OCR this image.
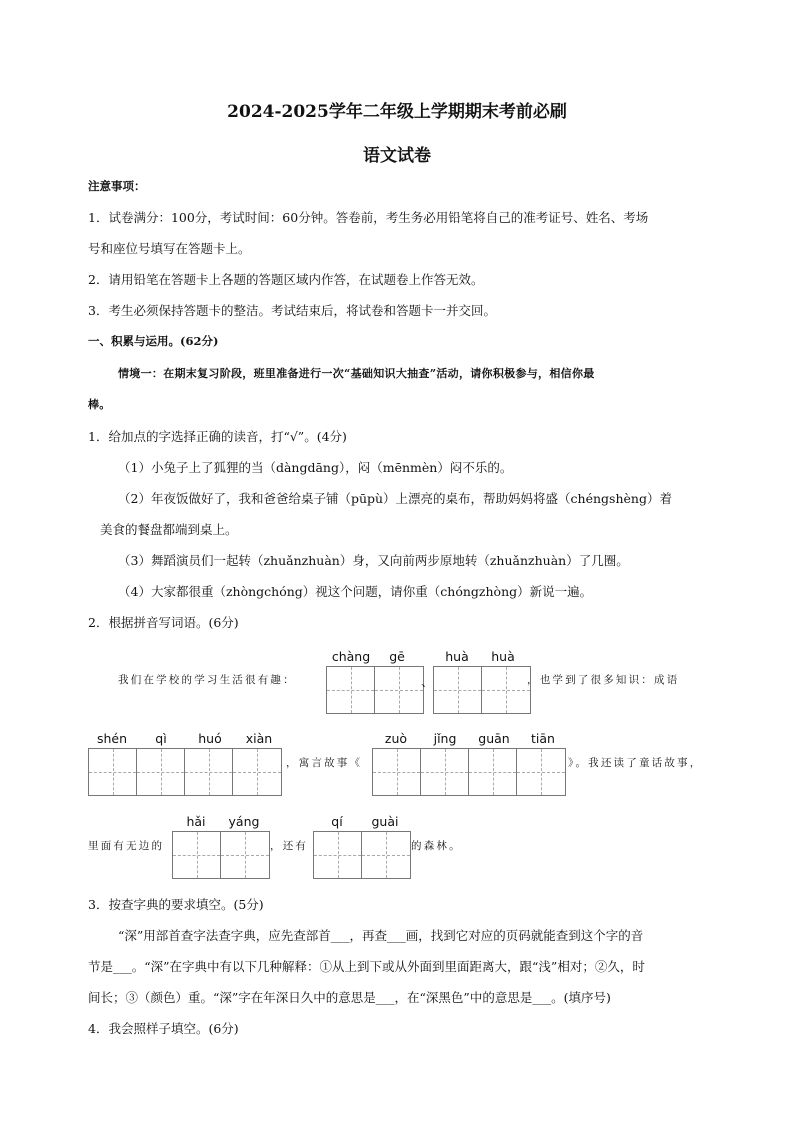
2024-2025学年二年级上学期期末考前必刷
语文试卷
注意事项：
1．试卷满分：100分，考试时间：60分钟。答卷前，考生务必用铅笔将自己的准考证号、姓名、考场
号和座位号填写在答题卡上。
2．请用铅笔在答题卡上各题的答题区域内作答，在试题卷上作答无效。
3．考生必须保持答题卡的整洁。考试结束后，将试卷和答题卡一并交回。
一、积累与运用。(62分)
情境一：在期末复习阶段，班里准备进行一次“基础知识大抽查”活动，请你积极参与，相信你最
棒。
1．给加点的字选择正确的读音，打“√”。(4分)
（1）小兔子上了狐狸的当（dàngdāng），闷（mēnmèn）闷不乐的。
（2）年夜饭做好了，我和爸爸给桌子铺（pūpù）上漂亮的桌布，帮助妈妈将盛（chéngshèng）着
美食的餐盘都端到桌上。
（3）舞蹈演员们一起转（zhuǎnzhuàn）身，又向前两步原地转（zhuǎnzhuàn）了几圈。
（4）大家都很重（zhòngchóng）视这个问题，请你重（chóngzhòng）新说一遍。
2．根据拼音写词语。(6分)
我们在学校的学习生活很有趣：
chàng	gē
、
huà	huà
，也学到了很多知识：成语
shén	qì	huó	xiàn
，寓言故事《
zuò	jǐng	guān	tiān
》。我还读了童话故事，
里面有无边的
hǎi	yáng
，还有
qí	guài
的森林。
3．按查字典的要求填空。(5分)
“深”用部首查字法查字典，应先查部首___，再查___画，找到它对应的页码就能查到这个字的音
节是___。“深”在字典中有以下几种解释：①从上到下或从外面到里面距离大，跟“浅”相对；②久，时
间长；③（颜色）重。“深”字在年深日久中的意思是___，在“深黑色”中的意思是___。(填序号)
4．我会照样子填空。(6分)
